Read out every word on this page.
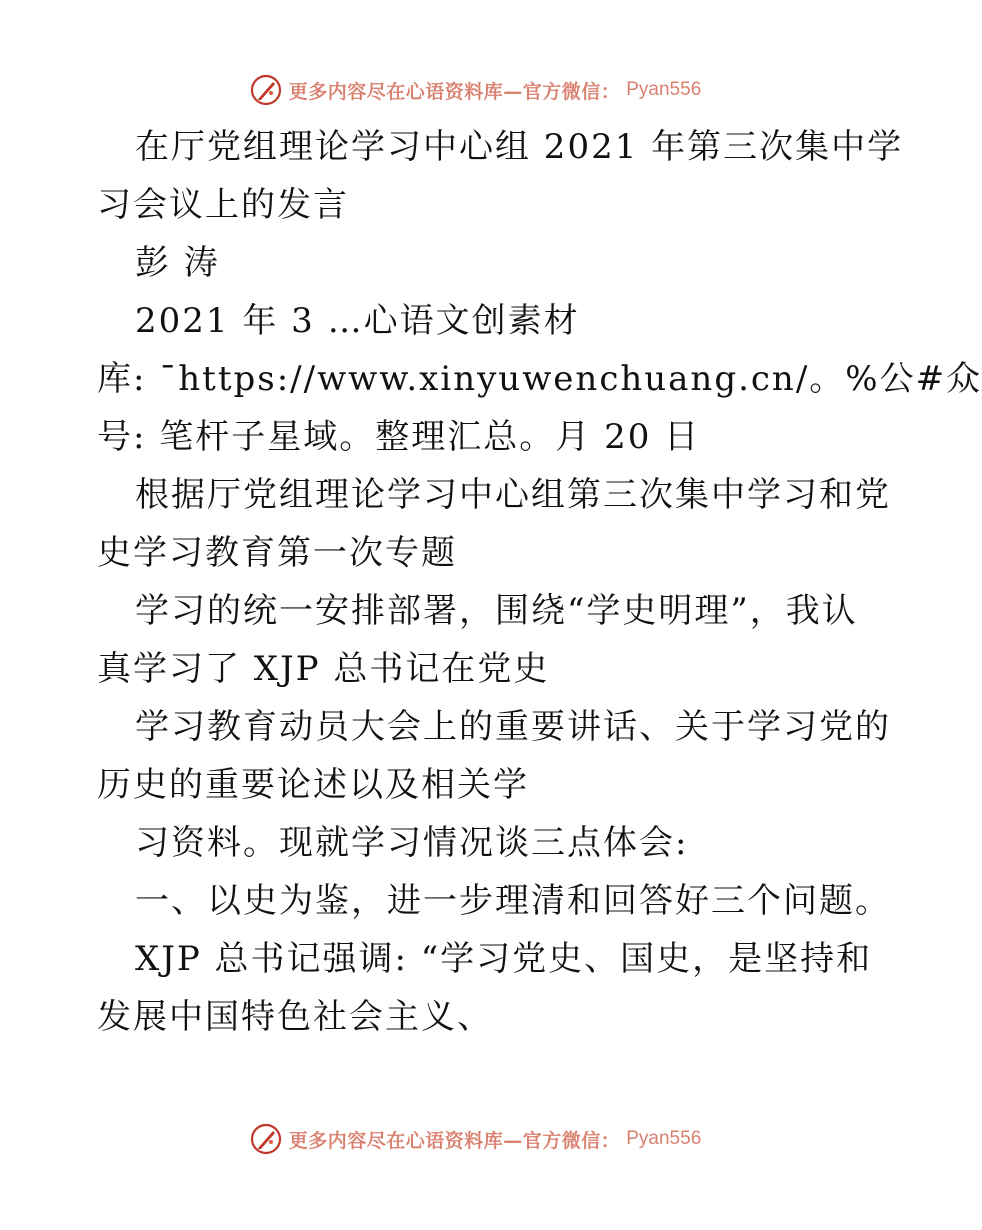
更多内容尽在心语资料库—官方微信： Pyan556
在厅党组理论学习中心组 2021 年第三次集中学
习会议上的发言
彭 涛
2021 年 3 …心语文创素材
库: ¯https://www.xinyuwenchuang.cn/。%公#众
号: 笔杆子星域。整理汇总。月 20 日
根据厅党组理论学习中心组第三次集中学习和党
史学习教育第一次专题
学习的统一安排部署，围绕“学史明理”，我认
真学习了 XJP 总书记在党史
学习教育动员大会上的重要讲话、关于学习党的
历史的重要论述以及相关学
习资料。现就学习情况谈三点体会:
一、以史为鉴，进一步理清和回答好三个问题。
XJP 总书记强调: “学习党史、国史，是坚持和
发展中国特色社会主义、
更多内容尽在心语资料库—官方微信： Pyan556
